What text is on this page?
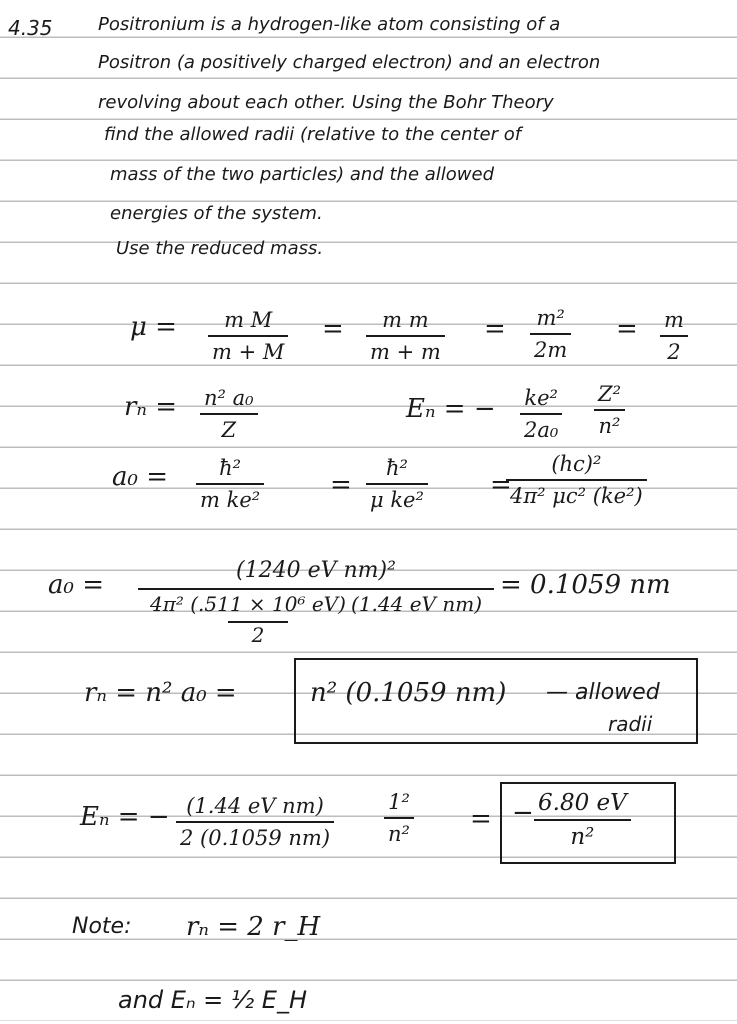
4.35	Positronium is a hydrogen-like atom consisting of a
Positron (a positively charged electron) and an electron
revolving about each other. Using the Bohr Theory
find the allowed radii (relative to the center of
mass of the two particles) and the allowed
energies of the system.
Use the reduced mass.
μ = m M
m + M
= m m
m + m
= m²
2m
= m
2
rₙ = n² a₀
Z
Eₙ = − ke²
2a₀
Z²
n²
a₀ = ħ²
m ke²
=
ħ²
μ ke²
=
(hc)²
4π² μc² (ke²)
a₀ =	(1240 eV nm)²
4π² (.511 × 10⁶ eV) (1.44 eV nm)
2
= 0.1059 nm
rₙ = n² a₀ =	n² (0.1059 nm) — allowed
radii
Eₙ = − (1.44 eV nm)
2 (0.1059 nm)
1²
n²
= − 6.80 eV
n²
Note: rₙ = 2 r_H
and Eₙ = ½ E_H
